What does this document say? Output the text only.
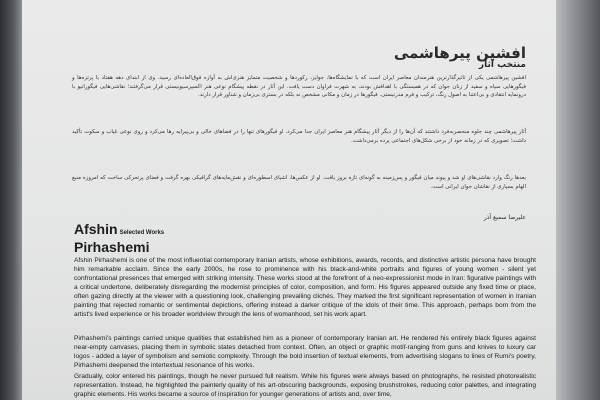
افشین پیرهاشمی
منتخب آثار

افشین پیرهاشمی یکی از تاثیرگذارترین هنرمندان معاصر ایران است که با نمایشگاه‌ها، جوایز، رکوردها و شخصیت متمایز هنری‌اش به آوازه فوق‌العاده‌ای رسید. وی از ابتدای دهه هفتاد با پرتره‌ها و فیگورهایی سیاه و سفید از زنان جوان که در همبستگی با اهدافش بودند، به شهرت فراوان دست یافت. این آثار در نقطه پیشگام نوعی هنر اکسپرسیونیستی قرار می‌گرفتند؛ نقاشی‌هایی فیگوراتیو با درونمایه انتقادی و بی‌اعتنا به اصول رنگ، ترکیب و فرم مدرنیستی. فیگورها در زمان و مکانی مشخص نه بلکه در بستری بی‌زمان و شناور قرار دارند.

آثار پیرهاشمی چند جلوه منحصربه‌فرد داشتند که آن‌ها را از دیگر آثار پیشگام هنر معاصر ایران جدا می‌کرد. او فیگورهای تنها را در فضاهای خالی و بی‌پیرایه رها می‌کرد و روی نوعی غیاب و سکوت تأکید داشت؛ تصویری که در زمانه خود از برخی شکل‌های اجتماعی پرده برمی‌داشت.

بعدها رنگ وارد نقاشی‌های او شد و پیوند میان فیگور و پس‌زمینه به گونه‌ای تازه بروز یافت. او از عکس‌ها، اشیای اسطوره‌ای و نقش‌مایه‌های گرافیکی بهره گرفت و فضای پرتحرکی ساخت که امروزه منبع الهام بسیاری از نقاشان جوان ایرانی است.

علیرضا سمیع آذر
Afshin Selected Works
Pirhashemi

Afshin Pirhashemi is one of the most influential contemporary Iranian artists, whose exhibitions, awards, records, and distinctive artistic persona have brought him remarkable acclaim. Since the early 2000s, he rose to prominence with his black-and-white portraits and figures of young women - silent yet confrontational presences that emerged with striking intensity. These works stood at the forefront of a neo-expressionist mode in Iran: figurative paintings with a critical undertone, deliberately disregarding the modernist principles of color, composition, and form. His figures appeared outside any fixed time or place, often gazing directly at the viewer with a questioning look, challenging prevailing clichés. They marked the first significant representation of women in Iranian painting that rejected romantic or sentimental depictions, offering instead a darker critique of the idols of their time. This approach, perhaps born from the artist's lived experience or his broader worldview through the lens of womanhood, set his work apart.

Pirhashemi's paintings carried unique qualities that established him as a pioneer of contemporary Iranian art. He rendered his entirely black figures against near-empty canvases, placing them in symbolic states detached from context. Often, an object or graphic motif-ranging from guns and knives to luxury car logos - added a layer of symbolism and semiotic complexity. Through the bold insertion of textual elements, from advertising slogans to lines of Rumi's poetry, Pirhashemi deepened the intertextual resonance of his works.

Gradually, color entered his paintings, though he never pursued full realism. While his figures were always based on photographs, he resisted photorealistic representation. Instead, he highlighted the painterly quality of his art-obscuring backgrounds, exposing brushstrokes, reducing color palettes, and integrating graphic elements. His works became a source of inspiration for younger generations of artists and, over time,
